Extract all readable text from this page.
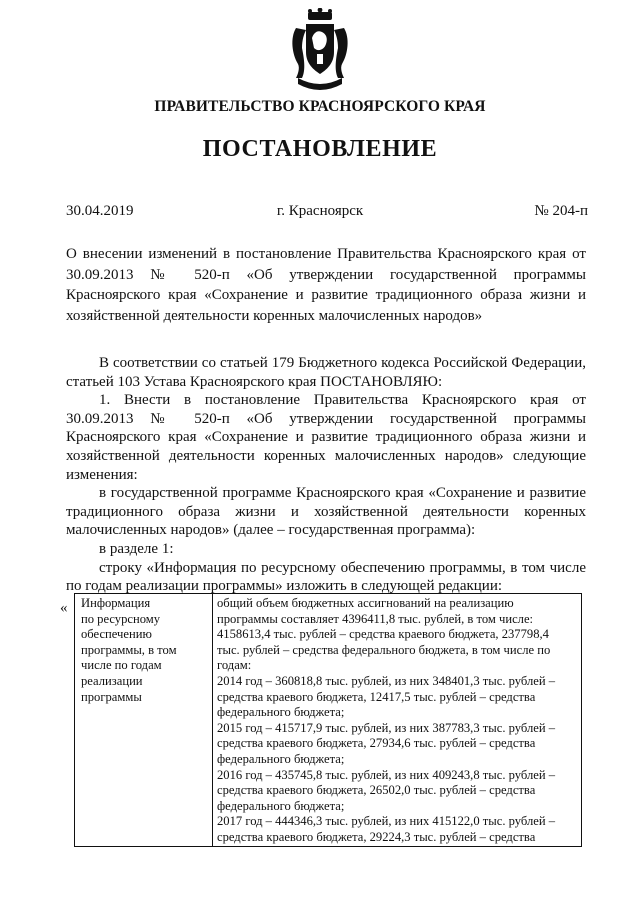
ПРАВИТЕЛЬСТВО КРАСНОЯРСКОГО КРАЯ
ПОСТАНОВЛЕНИЕ
30.04.2019	г. Красноярск	№ 204-п
О внесении изменений в постановление Правительства Красноярского края от 30.09.2013 № 520-п «Об утверждении государственной программы Красноярского края «Сохранение и развитие традиционного образа жизни и хозяйственной деятельности коренных малочисленных народов»

В соответствии со статьей 179 Бюджетного кодекса Российской Федерации, статьей 103 Устава Красноярского края ПОСТАНОВЛЯЮ:

1. Внести в постановление Правительства Красноярского края от 30.09.2013 № 520-п «Об утверждении государственной программы Красноярского края «Сохранение и развитие традиционного образа жизни и хозяйственной деятельности коренных малочисленных народов» следующие изменения:

в государственной программе Красноярского края «Сохранение и развитие традиционного образа жизни и хозяйственной деятельности коренных малочисленных народов» (далее – государственная программа):

в разделе 1:

строку «Информация по ресурсному обеспечению программы, в том числе по годам реализации программы» изложить в следующей редакции:

« Информация
по ресурсному
обеспечению
программы, в том
числе по годам
реализации
программы

общий объем бюджетных ассигнований на реализацию
программы составляет 4396411,8 тыс. рублей, в том числе:
4158613,4 тыс. рублей – средства краевого бюджета, 237798,4
тыс. рублей – средства федерального бюджета, в том числе по
годам:
2014 год – 360818,8 тыс. рублей, из них 348401,3 тыс. рублей –
средства краевого бюджета, 12417,5 тыс. рублей – средства
федерального бюджета;
2015 год – 415717,9 тыс. рублей, из них 387783,3 тыс. рублей –
средства краевого бюджета, 27934,6 тыс. рублей – средства
федерального бюджета;
2016 год – 435745,8 тыс. рублей, из них 409243,8 тыс. рублей –
средства краевого бюджета, 26502,0 тыс. рублей – средства
федерального бюджета;
2017 год – 444346,3 тыс. рублей, из них 415122,0 тыс. рублей –
средства краевого бюджета, 29224,3 тыс. рублей – средства
